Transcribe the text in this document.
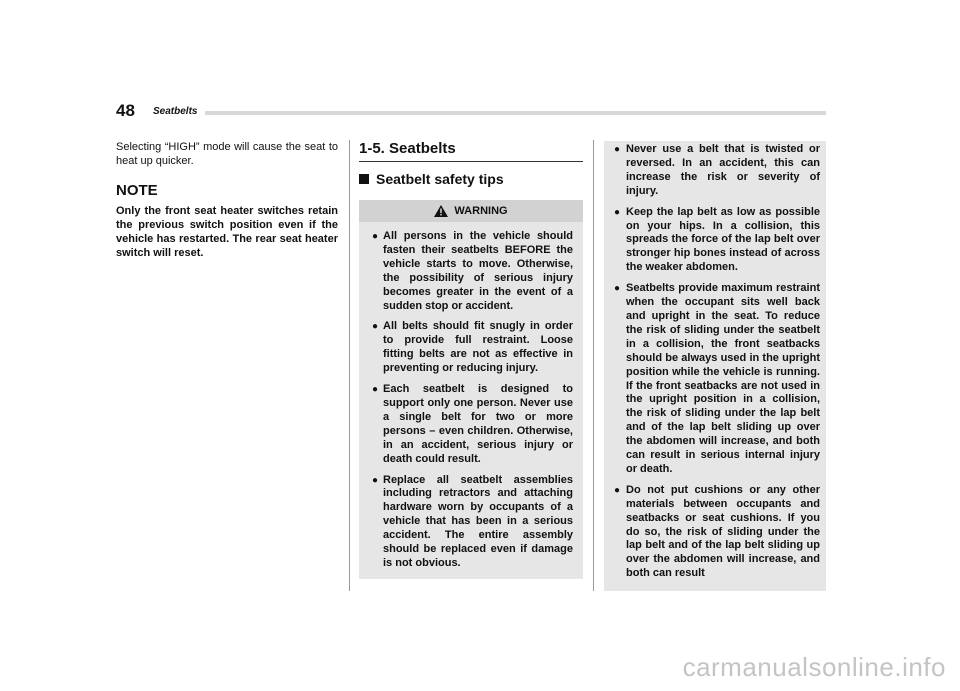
48 Seatbelts

Selecting “HIGH” mode will cause the seat to heat up quicker.

NOTE

Only the front seat heater switches retain the previous switch position even if the vehicle has restarted. The rear seat heater switch will reset.

1-5. Seatbelts
Seatbelt safety tips
WARNING
● All persons in the vehicle should fasten their seatbelts BEFORE the vehicle starts to move. Otherwise, the possibility of serious injury becomes greater in the event of a sudden stop or accident.
● All belts should fit snugly in order to provide full restraint. Loose fitting belts are not as effective in preventing or reducing injury.
● Each seatbelt is designed to support only one person. Never use a single belt for two or more persons – even children. Otherwise, in an accident, serious injury or death could result.
● Replace all seatbelt assemblies including retractors and attaching hardware worn by occupants of a vehicle that has been in a serious accident. The entire assembly should be replaced even if damage is not obvious.
● Never use a belt that is twisted or reversed. In an accident, this can increase the risk or severity of injury.
● Keep the lap belt as low as possible on your hips. In a collision, this spreads the force of the lap belt over stronger hip bones instead of across the weaker abdomen.
● Seatbelts provide maximum restraint when the occupant sits well back and upright in the seat. To reduce the risk of sliding under the seatbelt in a collision, the front seatbacks should be always used in the upright position while the vehicle is running. If the front seatbacks are not used in the upright position in a collision, the risk of sliding under the lap belt and of the lap belt sliding up over the abdomen will increase, and both can result in serious internal injury or death.
● Do not put cushions or any other materials between occupants and seatbacks or seat cushions. If you do so, the risk of sliding under the lap belt and of the lap belt sliding up over the abdomen will increase, and both can result
carmanualsonline.info
